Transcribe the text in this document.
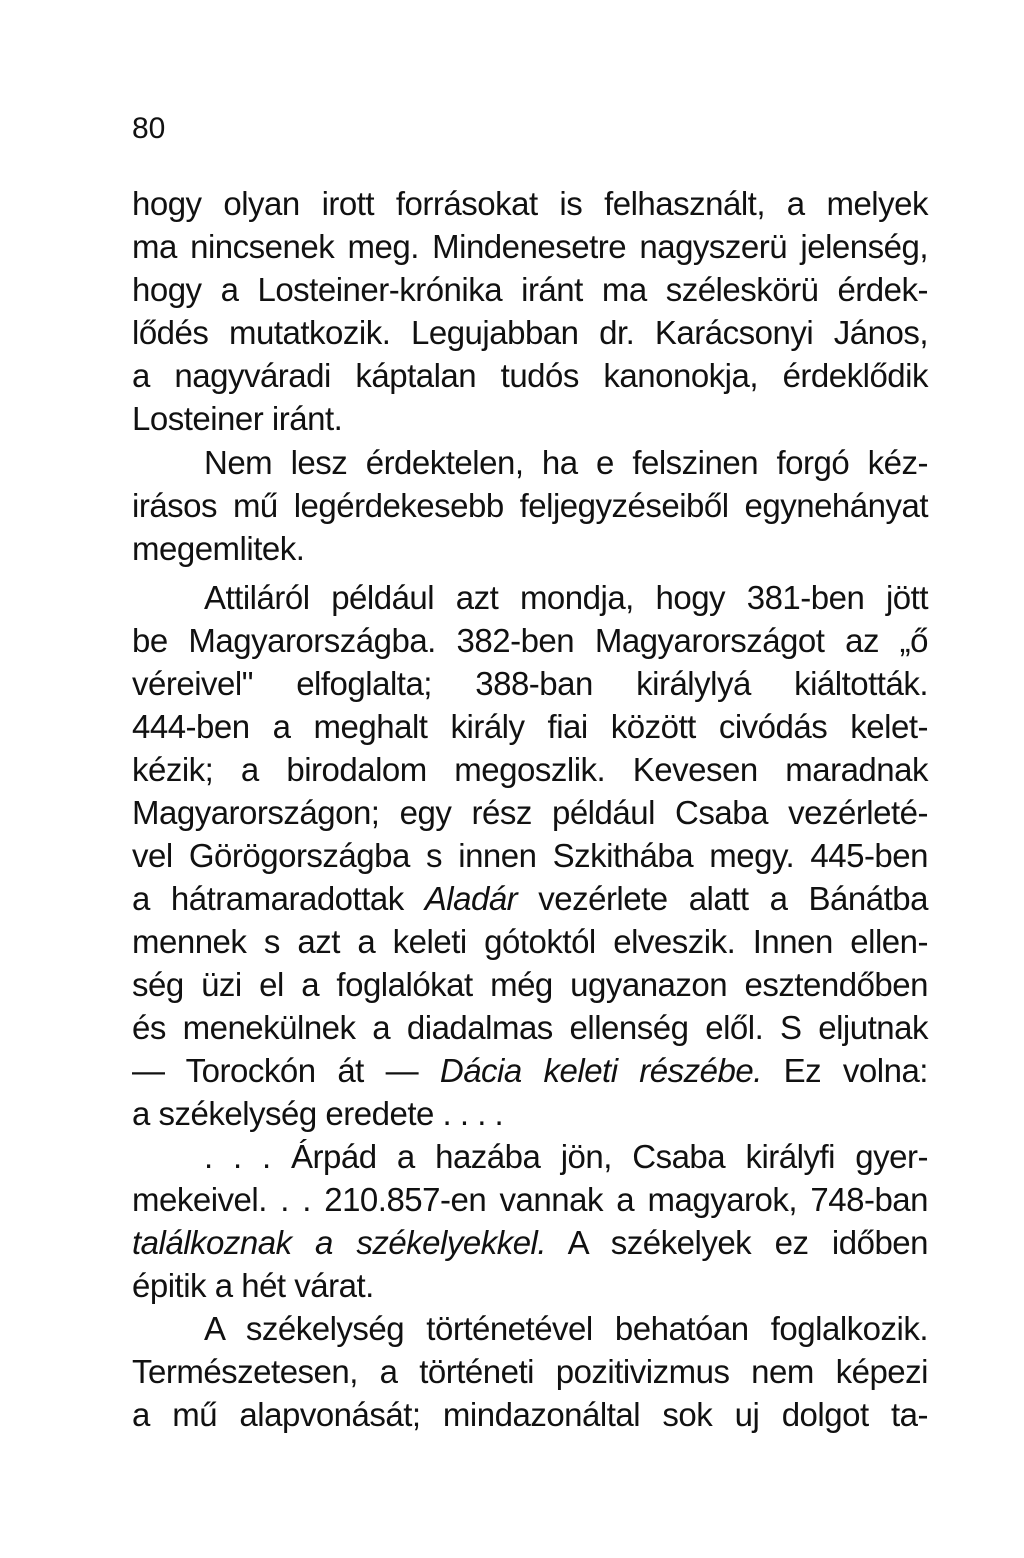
80
hogy olyan irott forrásokat is felhasznált, a melyek
ma nincsenek meg. Mindenesetre nagyszerü jelenség,
hogy a Losteiner-krónika iránt ma széleskörü érdek-
lődés mutatkozik. Legujabban dr. Karácsonyi János,
a nagyváradi káptalan tudós kanonokja, érdeklődik
Losteiner iránt.
Nem lesz érdektelen, ha e felszinen forgó kéz-
irásos mű legérdekesebb feljegyzéseiből egynehányat
megemlitek.
Attiláról például azt mondja, hogy 381-ben jött
be Magyarországba. 382-ben Magyarországot az „ő
véreivel" elfoglalta; 388-ban királylyá kiáltották.
444-ben a meghalt király fiai között civódás kelet-
kézik; a birodalom megoszlik. Kevesen maradnak
Magyarországon; egy rész például Csaba vezérleté-
vel Görögországba s innen Szkithába megy. 445-ben
a hátramaradottak Aladár vezérlete alatt a Bánátba
mennek s azt a keleti gótoktól elveszik. Innen ellen-
ség üzi el a foglalókat még ugyanazon esztendőben
és menekülnek a diadalmas ellenség elől. S eljutnak
— Torockón át — Dácia keleti részébe. Ez volna:
a székelység eredete . . . .
. . . Árpád a hazába jön, Csaba királyfi gyer-
mekeivel. . . 210.857-en vannak a magyarok, 748-ban
találkoznak a székelyekkel. A székelyek ez időben
épitik a hét várat.
A székelység történetével behatóan foglalkozik.
Természetesen, a történeti pozitivizmus nem képezi
a mű alapvonását; mindazonáltal sok uj dolgot ta-
